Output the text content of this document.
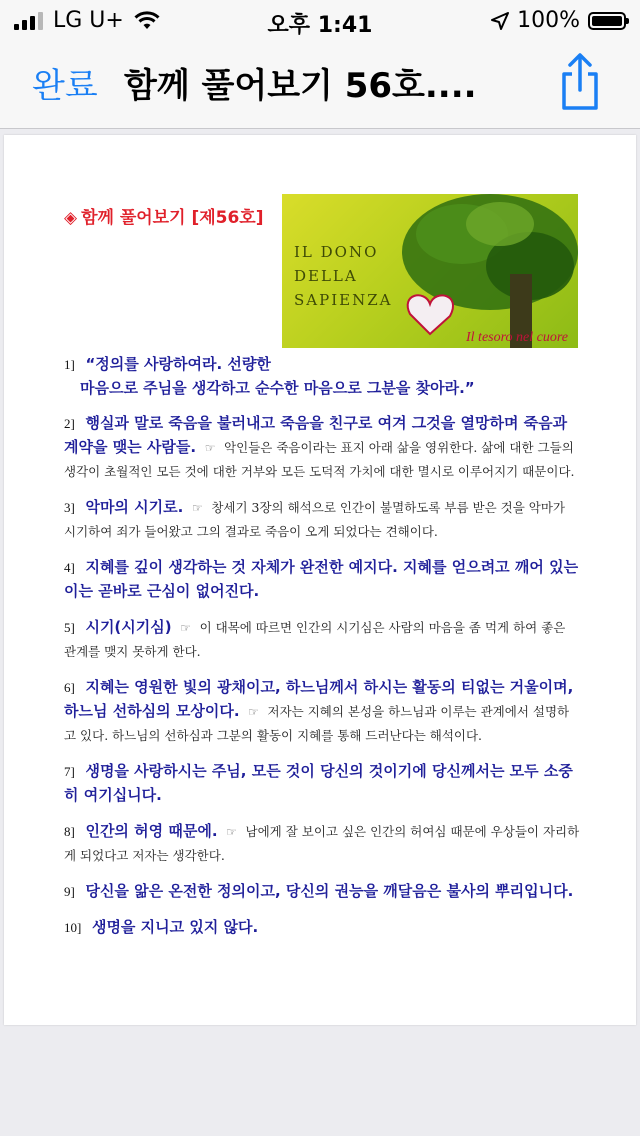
LG U+	오후 1:41	100%
완료 함께 풀어보기 56호....
◈ 함께 풀어보기 [제56호]
IL DONO
DELLA
SAPIENZA
Il tesoro nel cuore
1] “정의를 사랑하여라. 선량한
마음으로 주님을 생각하고 순수한 마음으로 그분을 찾아라.”
2] 행실과 말로 죽음을 불러내고 죽음을 친구로 여겨 그것을 열망하며 죽음과 계약을 맺는 사람들. ☞ 악인들은 죽음이라는 표지 아래 삶을 영위한다. 삶에 대한 그들의 생각이 초월적인 모든 것에 대한 거부와 모든 도덕적 가치에 대한 멸시로 이루어지기 때문이다.
3] 악마의 시기로. ☞ 창세기 3장의 해석으로 인간이 불멸하도록 부름 받은 것을 악마가 시기하여 죄가 들어왔고 그의 결과로 죽음이 오게 되었다는 견해이다.
4] 지혜를 깊이 생각하는 것 자체가 완전한 예지다. 지혜를 얻으려고 깨어 있는 이는 곧바로 근심이 없어진다.
5] 시기(시기심) ☞ 이 대목에 따르면 인간의 시기심은 사람의 마음을 좀 먹게 하여 좋은 관계를 맺지 못하게 한다.
6] 지혜는 영원한 빛의 광채이고, 하느님께서 하시는 활동의 티없는 거울이며, 하느님 선하심의 모상이다. ☞ 저자는 지혜의 본성을 하느님과 이루는 관계에서 설명하고 있다. 하느님의 선하심과 그분의 활동이 지혜를 통해 드러난다는 해석이다.
7] 생명을 사랑하시는 주님, 모든 것이 당신의 것이기에 당신께서는 모두 소중히 여기십니다.
8] 인간의 허영 때문에. ☞ 남에게 잘 보이고 싶은 인간의 허여심 때문에 우상들이 자리하게 되었다고 저자는 생각한다.
9] 당신을 앎은 온전한 정의이고, 당신의 권능을 깨달음은 불사의 뿌리입니다.
10] 생명을 지니고 있지 않다.
